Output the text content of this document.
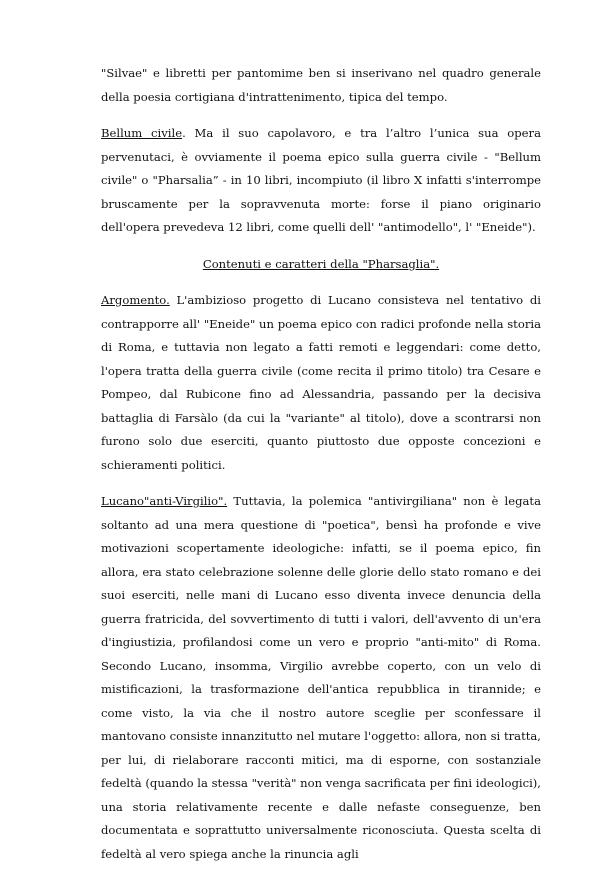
"Silvae" e libretti per pantomime ben si inserivano nel quadro generale della poesia cortigiana d'intrattenimento, tipica del tempo.

Bellum civile. Ma il suo capolavoro, e tra l’altro l’unica sua opera pervenutaci, è ovviamente il poema epico sulla guerra civile - "Bellum civile" o "Pharsalia” - in 10 libri, incompiuto (il libro X infatti s'interrompe bruscamente per la sopravvenuta morte: forse il piano originario dell'opera prevedeva 12 libri, come quelli dell' "antimodello", l' "Eneide").

Contenuti e caratteri della "Pharsaglia".

Argomento. L'ambizioso progetto di Lucano consisteva nel tentativo di contrapporre all' "Eneide" un poema epico con radici profonde nella storia di Roma, e tuttavia non legato a fatti remoti e leggendari: come detto, l'opera tratta della guerra civile (come recita il primo titolo) tra Cesare e Pompeo, dal Rubicone fino ad Alessandria, passando per la decisiva battaglia di Farsàlo (da cui la "variante" al titolo), dove a scontrarsi non furono solo due eserciti, quanto piuttosto due opposte concezioni e schieramenti politici.

Lucano"anti-Virgilio". Tuttavia, la polemica "antivirgiliana" non è legata soltanto ad una mera questione di "poetica", bensì ha profonde e vive motivazioni scopertamente ideologiche: infatti, se il poema epico, fin allora, era stato celebrazione solenne delle glorie dello stato romano e dei suoi eserciti, nelle mani di Lucano esso diventa invece denuncia della guerra fratricida, del sovvertimento di tutti i valori, dell'avvento di un'era d'ingiustizia, profilandosi come un vero e proprio "anti-mito" di Roma. Secondo Lucano, insomma, Virgilio avrebbe coperto, con un velo di mistificazioni, la trasformazione dell'antica repubblica in tirannide; e come visto, la via che il nostro autore sceglie per sconfessare il mantovano consiste innanzitutto nel mutare l'oggetto: allora, non si tratta, per lui, di rielaborare racconti mitici, ma di esporne, con sostanziale fedeltà (quando la stessa "verità" non venga sacrificata per fini ideologici), una storia relativamente recente e dalle nefaste conseguenze, ben documentata e soprattutto universalmente riconosciuta. Questa scelta di fedeltà al vero spiega anche la rinuncia agli
